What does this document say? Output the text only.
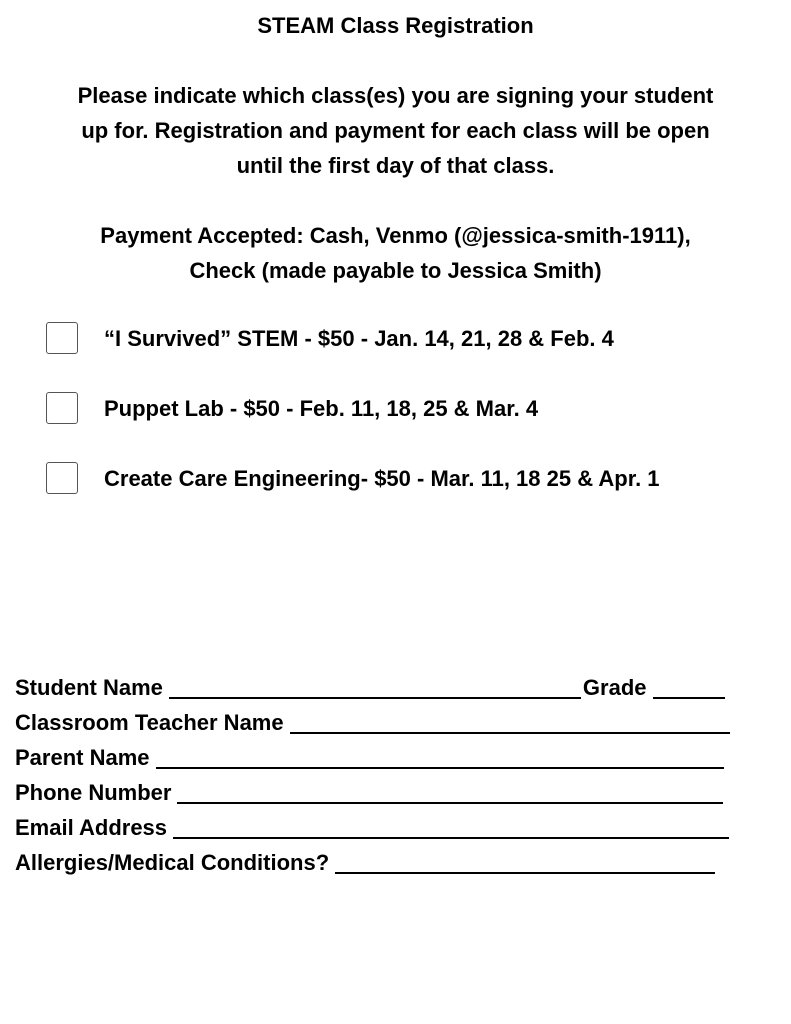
STEAM Class Registration
Please indicate which class(es) you are signing your student
up for. Registration and payment for each class will be open
until the first day of that class.
Payment Accepted: Cash, Venmo (@jessica-smith-1911),
Check (made payable to Jessica Smith)
“I Survived” STEM - $50 - Jan. 14, 21, 28 & Feb. 4
Puppet Lab - $50 - Feb. 11, 18, 25 & Mar. 4
Create Care Engineering- $50 - Mar. 11, 18 25 & Apr. 1
Student Name	Grade
Classroom Teacher Name
Parent Name
Phone Number
Email Address
Allergies/Medical Conditions?
